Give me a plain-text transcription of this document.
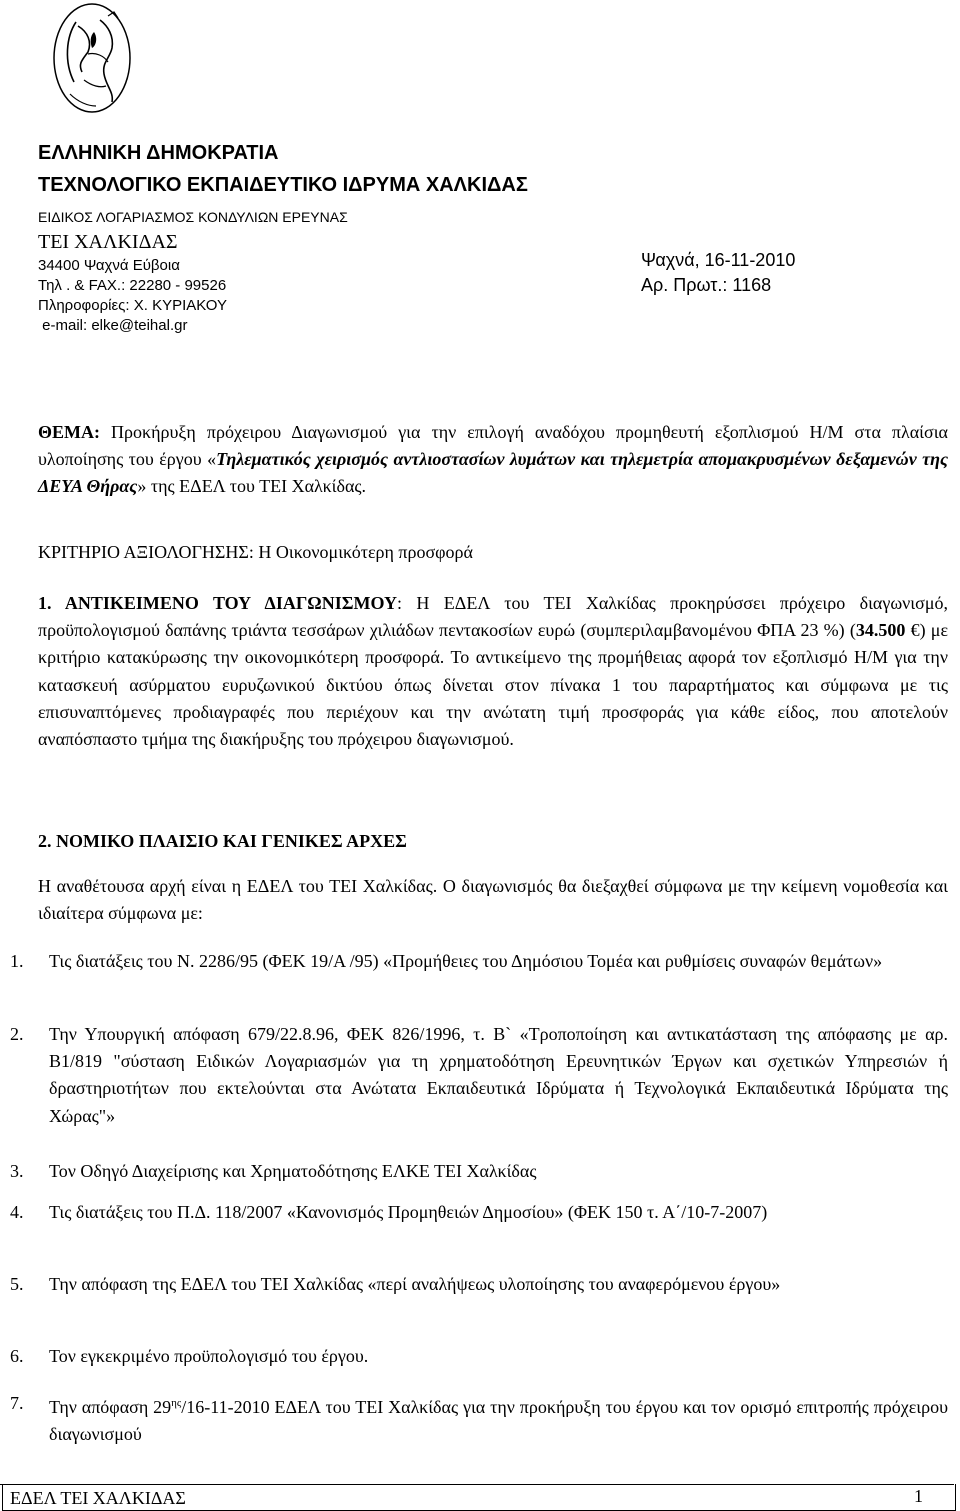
ΕΛΛΗΝΙΚΗ ΔΗΜΟΚΡΑΤΙΑ
ΤΕΧΝΟΛΟΓΙΚΟ ΕΚΠΑΙΔΕΥΤΙΚΟ ΙΔΡΥΜΑ ΧΑΛΚΙΔΑΣ
ΕΙΔΙΚΟΣ ΛΟΓΑΡΙΑΣΜΟΣ ΚΟΝΔΥΛΙΩΝ ΕΡΕΥΝΑΣ
ΤΕΙ ΧΑΛΚΙΔΑΣ
34400 Ψαχνά Εύβοια
Τηλ . & FAX.: 22280 - 99526
Πληροφορίες: Χ. ΚΥΡΙΑΚΟΥ
e-mail: elke@teihal.gr
Ψαχνά, 16-11-2010
Αρ. Πρωτ.: 1168

ΘΕΜΑ: Προκήρυξη πρόχειρου Διαγωνισμού για την επιλογή αναδόχου προμηθευτή εξοπλισμού Η/Μ στα πλαίσια υλοποίησης του έργου «Τηλεματικός χειρισμός αντλιοστασίων λυμάτων και τηλεμετρία απομακρυσμένων δεξαμενών της ΔΕΥΑ Θήρας» της ΕΔΕΛ του ΤΕΙ Χαλκίδας.

ΚΡΙΤΗΡΙΟ ΑΞΙΟΛΟΓΗΣΗΣ: Η Οικονομικότερη προσφορά

1. ΑΝΤΙΚΕΙΜΕΝΟ ΤΟΥ ΔΙΑΓΩΝΙΣΜΟΥ: Η ΕΔΕΛ του ΤΕΙ Χαλκίδας προκηρύσσει πρόχειρο διαγωνισμό, προϋπολογισμού δαπάνης τριάντα τεσσάρων χιλιάδων πεντακοσίων ευρώ (συμπεριλαμβανομένου ΦΠΑ 23 %) (34.500 €) με κριτήριο κατακύρωσης την οικονομικότερη προσφορά. Το αντικείμενο της προμήθειας αφορά τον εξοπλισμό Η/Μ για την κατασκευή ασύρματου ευρυζωνικού δικτύου όπως δίνεται στον πίνακα 1 του παραρτήματος και σύμφωνα με τις επισυναπτόμενες προδιαγραφές που περιέχουν και την ανώτατη τιμή προσφοράς για κάθε είδος, που αποτελούν αναπόσπαστο τμήμα της διακήρυξης του πρόχειρου διαγωνισμού.

2. ΝΟΜΙΚΟ ΠΛΑΙΣΙΟ ΚΑΙ ΓΕΝΙΚΕΣ ΑΡΧΕΣ

Η αναθέτουσα αρχή είναι η ΕΔΕΛ του ΤΕΙ Χαλκίδας. Ο διαγωνισμός θα διεξαχθεί σύμφωνα με την κείμενη νομοθεσία και ιδιαίτερα σύμφωνα με:

1. Τις διατάξεις του Ν. 2286/95 (ΦΕΚ 19/Α /95) «Προμήθειες του Δημόσιου Τομέα και ρυθμίσεις συναφών θεμάτων»
2. Την Υπουργική απόφαση 679/22.8.96, ΦΕΚ 826/1996, τ. Β` «Τροποποίηση και αντικατάσταση της απόφασης με αρ. Β1/819 "σύσταση Ειδικών Λογαριασμών για τη χρηματοδότηση Ερευνητικών Έργων και σχετικών Υπηρεσιών ή δραστηριοτήτων που εκτελούνται στα Ανώτατα Εκπαιδευτικά Ιδρύματα ή Τεχνολογικά Εκπαιδευτικά Ιδρύματα της Χώρας"»
3. Τον Οδηγό Διαχείρισης και Χρηματοδότησης ΕΛΚΕ ΤΕΙ Χαλκίδας
4. Τις διατάξεις του Π.Δ. 118/2007 «Κανονισμός Προμηθειών Δημοσίου» (ΦΕΚ 150 τ. Α΄/10-7-2007)
5. Την απόφαση της ΕΔΕΛ του ΤΕΙ Χαλκίδας «περί αναλήψεως υλοποίησης του αναφερόμενου έργου»
6. Τον εγκεκριμένο προϋπολογισμό του έργου.
7. Την απόφαση $29^{\eta\varsigma}/16-11-2010$ ΕΔΕΛ του ΤΕΙ Χαλκίδας για την προκήρυξη του έργου και τον ορισμό επιτροπής πρόχειρου διαγωνισμού
ΕΔΕΛ ΤΕΙ ΧΑΛΚΙΔΑΣ	1
